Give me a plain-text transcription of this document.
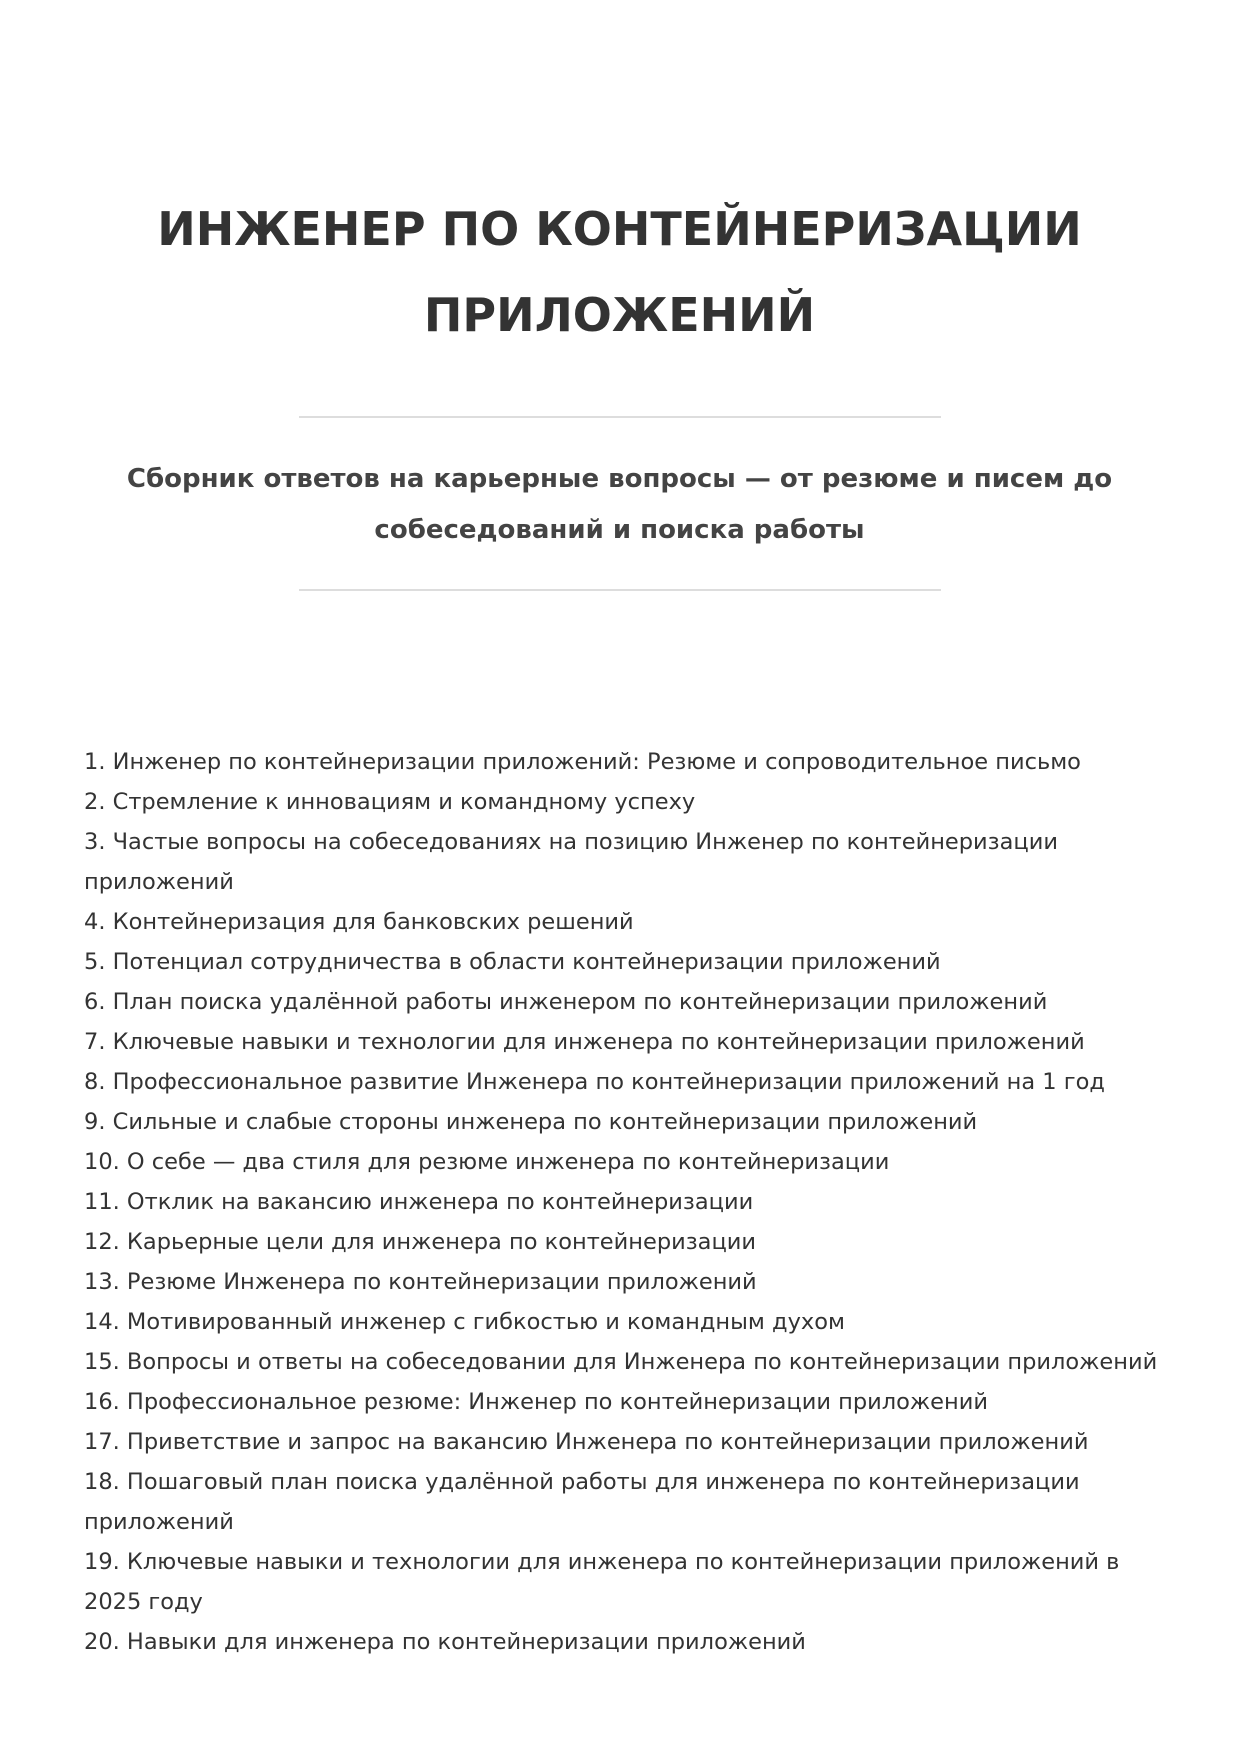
ИНЖЕНЕР ПО КОНТЕЙНЕРИЗАЦИИ ПРИЛОЖЕНИЙ

Сборник ответов на карьерные вопросы — от резюме и писем до собеседований и поиска работы

1. Инженер по контейнеризации приложений: Резюме и сопроводительное письмо
2. Стремление к инновациям и командному успеху
3. Частые вопросы на собеседованиях на позицию Инженер по контейнеризации приложений
4. Контейнеризация для банковских решений
5. Потенциал сотрудничества в области контейнеризации приложений
6. План поиска удалённой работы инженером по контейнеризации приложений
7. Ключевые навыки и технологии для инженера по контейнеризации приложений
8. Профессиональное развитие Инженера по контейнеризации приложений на 1 год
9. Сильные и слабые стороны инженера по контейнеризации приложений
10. О себе — два стиля для резюме инженера по контейнеризации
11. Отклик на вакансию инженера по контейнеризации
12. Карьерные цели для инженера по контейнеризации
13. Резюме Инженера по контейнеризации приложений
14. Мотивированный инженер с гибкостью и командным духом
15. Вопросы и ответы на собеседовании для Инженера по контейнеризации приложений
16. Профессиональное резюме: Инженер по контейнеризации приложений
17. Приветствие и запрос на вакансию Инженера по контейнеризации приложений
18. Пошаговый план поиска удалённой работы для инженера по контейнеризации приложений
19. Ключевые навыки и технологии для инженера по контейнеризации приложений в 2025 году
20. Навыки для инженера по контейнеризации приложений
